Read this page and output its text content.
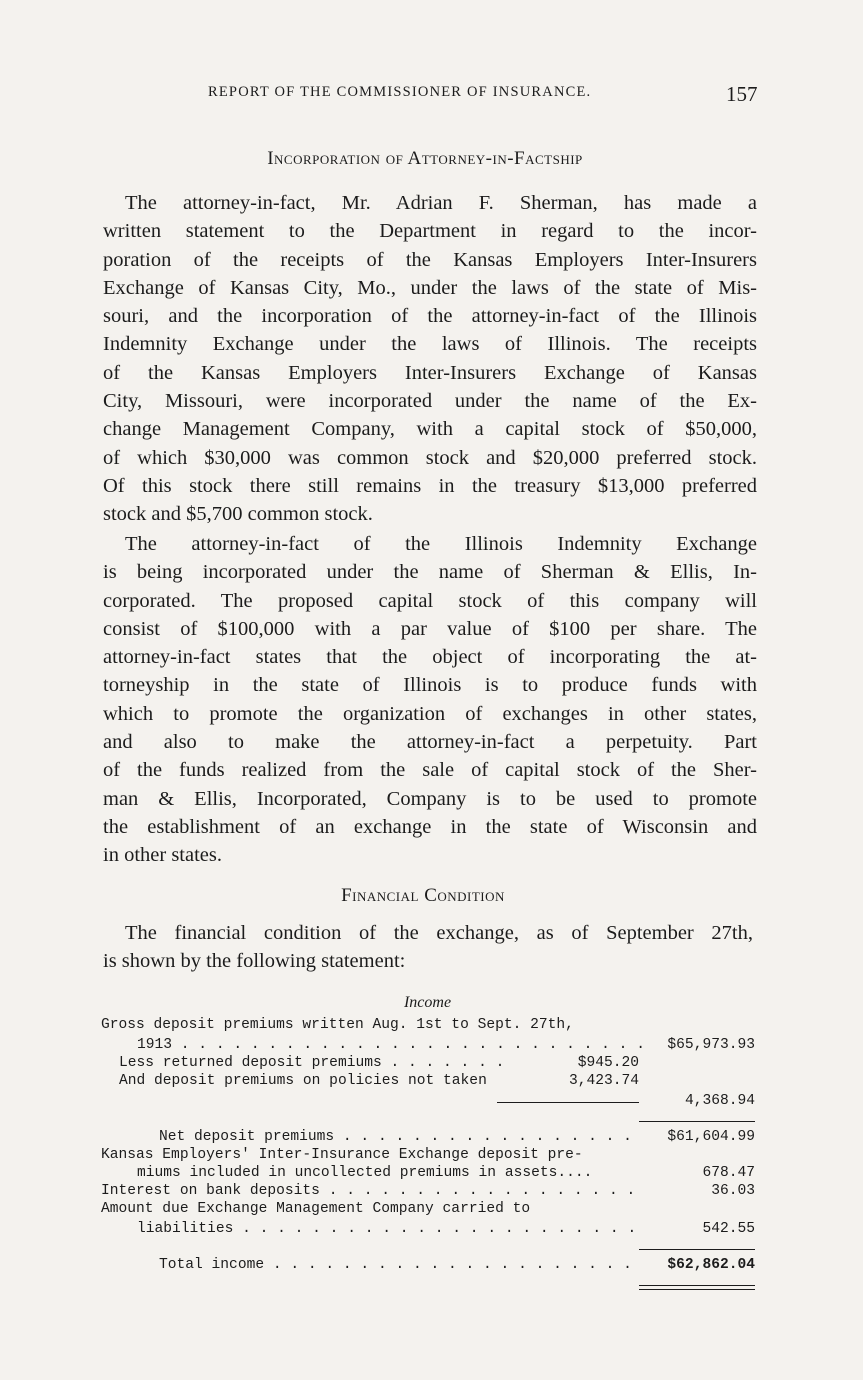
REPORT OF THE COMMISSIONER OF INSURANCE.	157
Incorporation of Attorney-in-Factship
The attorney-in-fact, Mr. Adrian F. Sherman, has made a
written statement to the Department in regard to the incor-
poration of the receipts of the Kansas Employers Inter-Insurers
Exchange of Kansas City, Mo., under the laws of the state of Mis-
souri, and the incorporation of the attorney-in-fact of the Illinois
Indemnity Exchange under the laws of Illinois. The receipts
of the Kansas Employers Inter-Insurers Exchange of Kansas
City, Missouri, were incorporated under the name of the Ex-
change Management Company, with a capital stock of $50,000,
of which $30,000 was common stock and $20,000 preferred stock.
Of this stock there still remains in the treasury $13,000 preferred
stock and $5,700 common stock.
The attorney-in-fact of the Illinois Indemnity Exchange
is being incorporated under the name of Sherman & Ellis, In-
corporated. The proposed capital stock of this company will
consist of $100,000 with a par value of $100 per share. The
attorney-in-fact states that the object of incorporating the at-
torneyship in the state of Illinois is to produce funds with
which to promote the organization of exchanges in other states,
and also to make the attorney-in-fact a perpetuity. Part
of the funds realized from the sale of capital stock of the Sher-
man & Ellis, Incorporated, Company is to be used to promote
the establishment of an exchange in the state of Wisconsin and
in other states.
Financial Condition
The financial condition of the exchange, as of September 27th,
is shown by the following statement:
Income
Gross deposit premiums written Aug. 1st to Sept. 27th,
1913 . . .	$65,973.93
Less returned deposit premiums . . .	$945.20
And deposit premiums on policies not taken	3,423.74
4,368.94
Net deposit premiums . . .	$61,604.99
Kansas Employers' Inter-Insurance Exchange deposit pre-
miums included in uncollected premiums in assets....	678.47
Interest on bank deposits . . .	36.03
Amount due Exchange Management Company carried to
liabilities . . .	542.55
Total income . . .	$62,862.04
